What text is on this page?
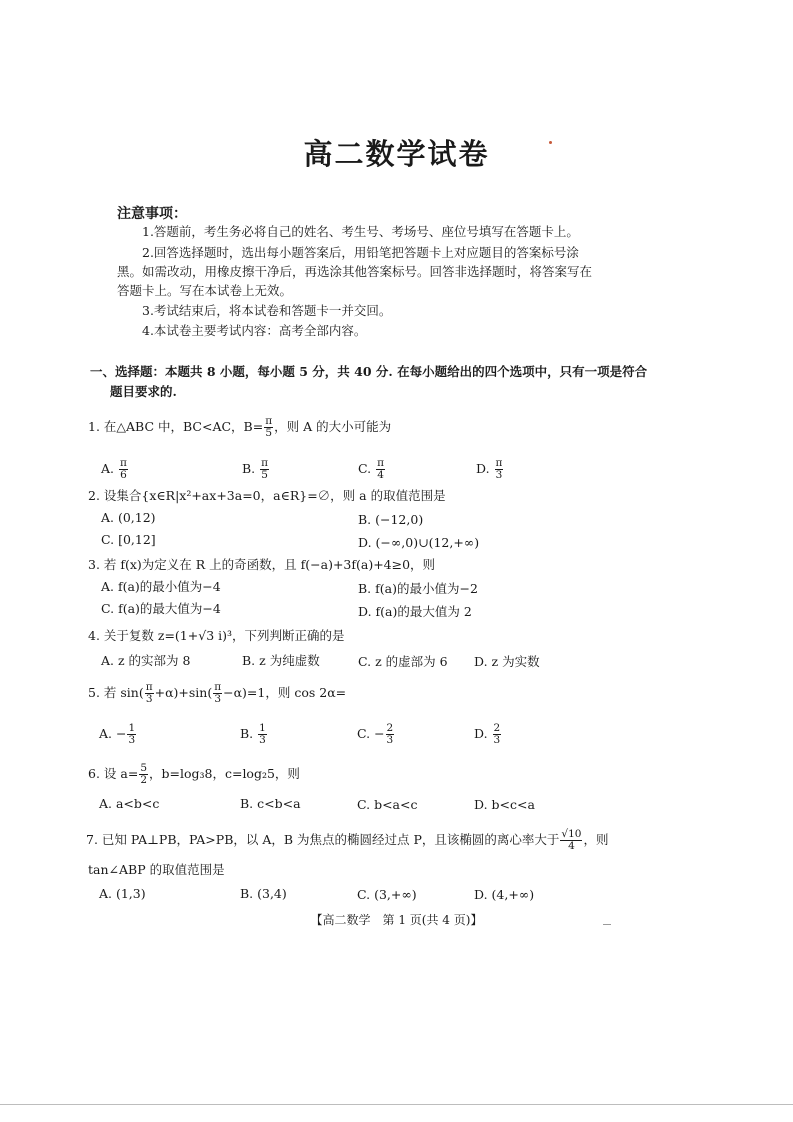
高二数学试卷
注意事项：
1.答题前，考生务必将自己的姓名、考生号、考场号、座位号填写在答题卡上。
2.回答选择题时，选出每小题答案后，用铅笔把答题卡上对应题目的答案标号涂
黑。如需改动，用橡皮擦干净后，再选涂其他答案标号。回答非选择题时，将答案写在
答题卡上。写在本试卷上无效。
3.考试结束后，将本试卷和答题卡一并交回。
4.本试卷主要考试内容：高考全部内容。
一、选择题：本题共 8 小题，每小题 5 分，共 40 分. 在每小题给出的四个选项中，只有一项是符合
题目要求的.
1. 在△ABC 中，BC<AC，$B= \frac{\pi}{5}$ ，则 A 的大小可能为
A. $\frac{\pi}{6}$	B. $\frac{\pi}{5}$	C. $\frac{\pi}{4}$	D. $\frac{\pi}{3}$
2. 设集合{x∈R|x²+ax+3a=0，a∈R}=∅，则 a 的取值范围是
A. (0,12)	B. (−12,0)
C. [0,12]	D. (−∞,0)∪(12,+∞)
3. 若 f(x)为定义在 R 上的奇函数，且 f(−a)+3f(a)+4≥0，则
A. f(a)的最小值为−4	B. f(a)的最小值为−2
C. f(a)的最大值为−4	D. f(a)的最大值为 2
4. 关于复数 z=(1+√3 i)³，下列判断正确的是
A. z 的实部为 8	B. z 为纯虚数	C. z 的虚部为 6 D. z 为实数
5. 若 $\sin( \frac{\pi}{3} +\alpha)+\sin( \frac{\pi}{3} -\alpha)=1$，则 cos 2α=
A. − $\frac{1}{3}$	B. $\frac{1}{3}$	C. − $\frac{2}{3}$	D. $\frac{2}{3}$
6. 设 $a= \frac{5}{2}$ ，b=log₃8，c=log₂5，则
A. a<b<c	B. c<b<a	C. b<a<c	D. b<c<a
7. 已知 PA⊥PB，PA>PB，以 A，B 为焦点的椭圆经过点 P，且该椭圆的离心率大于 $\frac{√10}{4}$ ，则
tan∠ABP 的取值范围是
A. (1,3)	B. (3,4)	C. (3,+∞)	D. (4,+∞)
【高二数学　第 1 页(共 4 页)】
